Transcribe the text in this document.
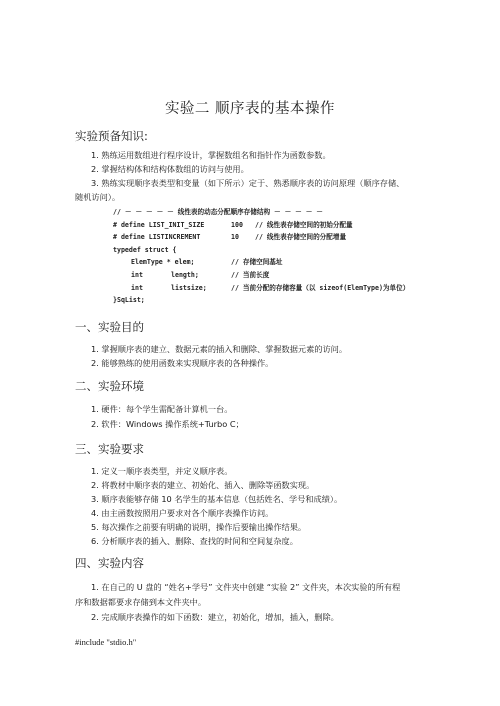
实验二 顺序表的基本操作
实验预备知识:
1. 熟练运用数组进行程序设计，掌握数组名和指针作为函数参数。
2. 掌握结构体和结构体数组的访问与使用。
3. 熟练实现顺序表类型和变量（如下所示）定于、熟悉顺序表的访问原理（顺序存储、
随机访问）。
// － － － － － 线性表的动态分配顺序存储结构 － － － － －
# define LIST_INIT_SIZE	100 // 线性表存储空间的初始分配量
# define LISTINCREMENT	10 // 线性表存储空间的分配增量
typedef struct {
ElemType * elem;	// 存储空间基址
int	length;	// 当前长度
int	listsize;	// 当前分配的存储容量（以 sizeof(ElemType)为单位）
}SqList;
一、实验目的
1. 掌握顺序表的建立、数据元素的插入和删除、掌握数据元素的访问。
2. 能够熟练的使用函数来实现顺序表的各种操作。
二、实验环境
1. 硬件：每个学生需配备计算机一台。
2. 软件：Windows 操作系统+Turbo C；
三、实验要求
1. 定义一顺序表类型，并定义顺序表。
2. 将教材中顺序表的建立、初始化、插入、删除等函数实现。
3. 顺序表能够存储 10 名学生的基本信息（包括姓名、学号和成绩）。
4. 由主函数按照用户要求对各个顺序表操作访问。
5. 每次操作之前要有明确的说明，操作后要输出操作结果。
6. 分析顺序表的插入、删除、查找的时间和空间复杂度。
四、实验内容
1. 在自己的 U 盘的 “姓名+学号” 文件夹中创建 “实验 2” 文件夹，本次实验的所有程
序和数据都要求存储到本文件夹中。
2. 完成顺序表操作的如下函数：建立，初始化，增加，插入，删除。
#include "stdio.h"
